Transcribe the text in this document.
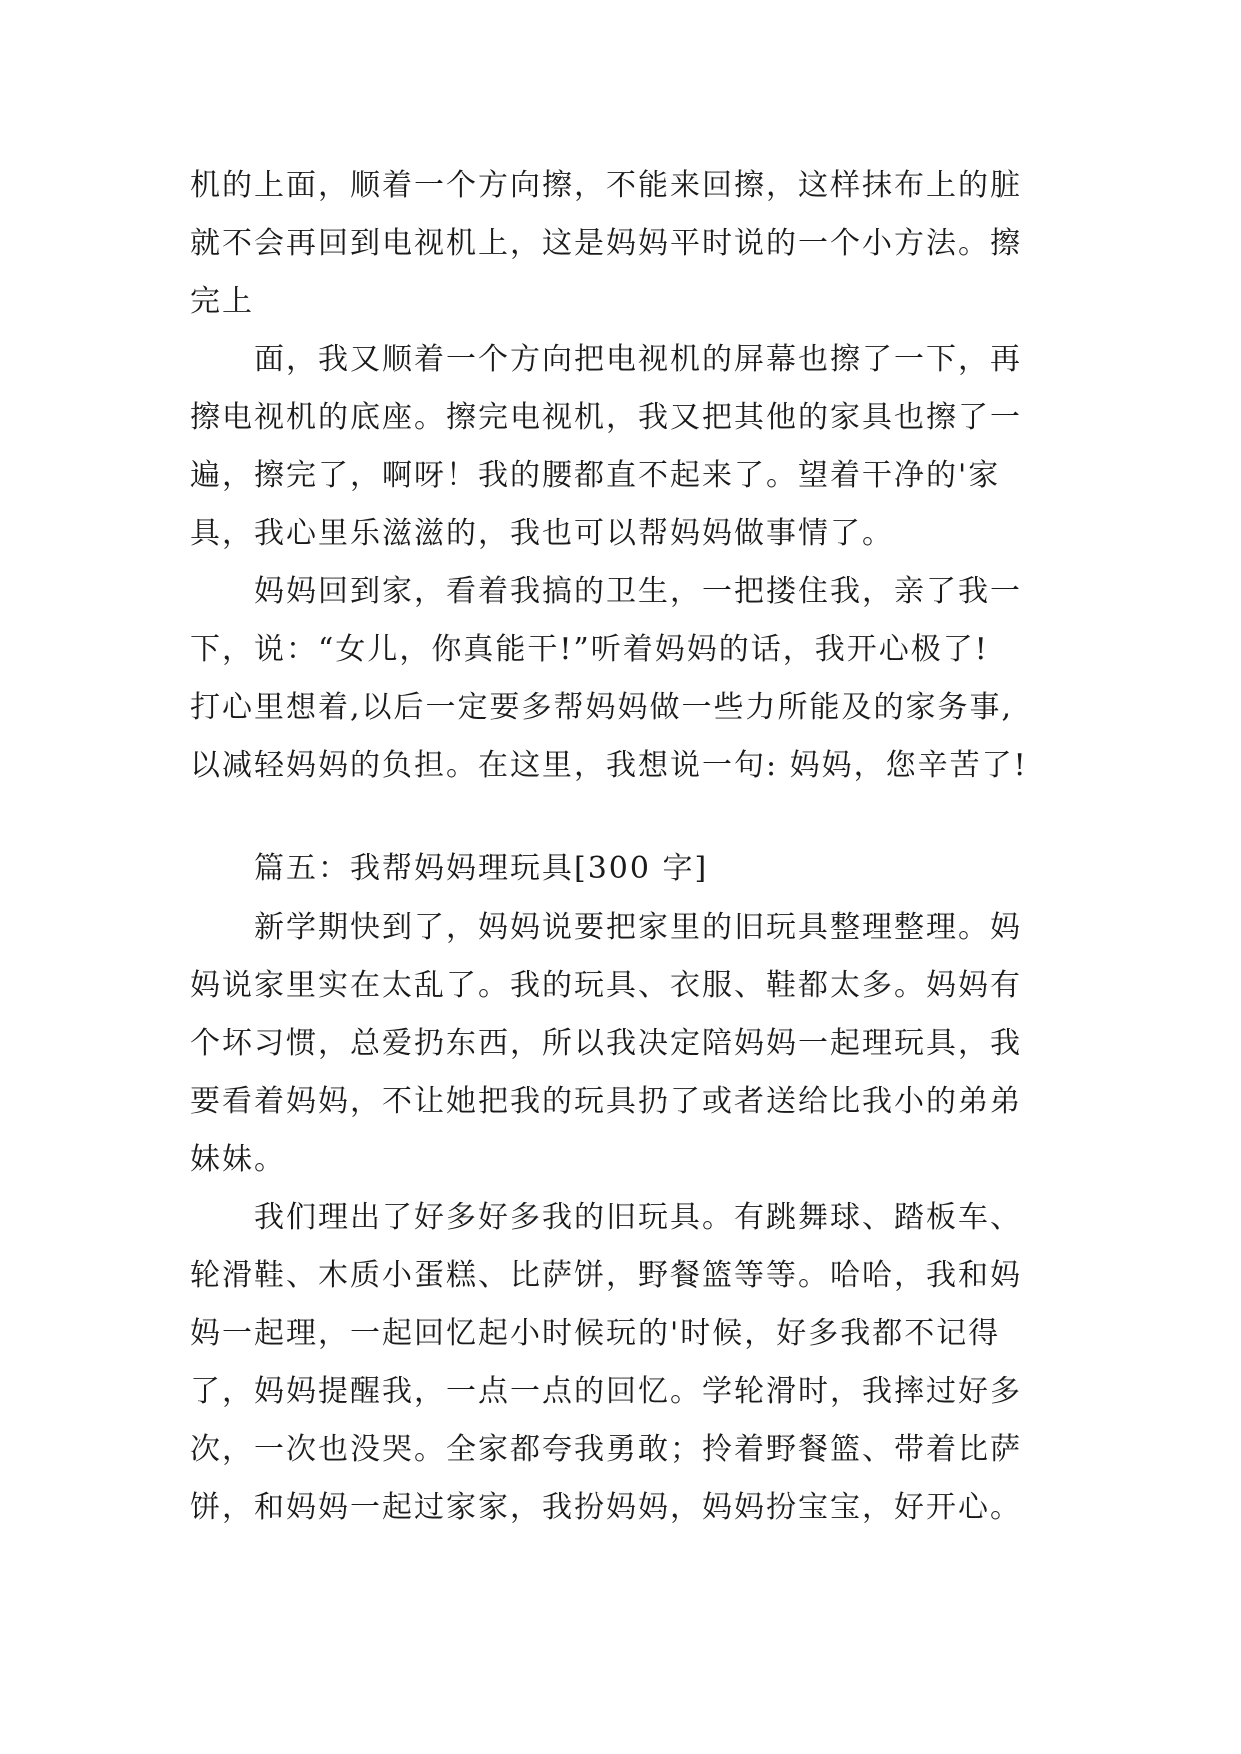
机的上面，顺着一个方向擦，不能来回擦，这样抹布上的脏
就不会再回到电视机上，这是妈妈平时说的一个小方法。擦
完上
面，我又顺着一个方向把电视机的屏幕也擦了一下，再
擦电视机的底座。擦完电视机，我又把其他的家具也擦了一
遍，擦完了，啊呀！我的腰都直不起来了。望着干净的'家
具，我心里乐滋滋的，我也可以帮妈妈做事情了。
妈妈回到家，看着我搞的卫生，一把搂住我，亲了我一
下，说：“女儿，你真能干!”听着妈妈的话，我开心极了!
打心里想着,以后一定要多帮妈妈做一些力所能及的家务事,
以减轻妈妈的负担。在这里，我想说一句: 妈妈，您辛苦了!
篇五：我帮妈妈理玩具[300 字]
新学期快到了，妈妈说要把家里的旧玩具整理整理。妈
妈说家里实在太乱了。我的玩具、衣服、鞋都太多。妈妈有
个坏习惯，总爱扔东西，所以我决定陪妈妈一起理玩具，我
要看着妈妈，不让她把我的玩具扔了或者送给比我小的弟弟
妹妹。
我们理出了好多好多我的旧玩具。有跳舞球、踏板车、
轮滑鞋、木质小蛋糕、比萨饼，野餐篮等等。哈哈，我和妈
妈一起理，一起回忆起小时候玩的'时候，好多我都不记得
了，妈妈提醒我，一点一点的回忆。学轮滑时，我摔过好多
次，一次也没哭。全家都夸我勇敢；拎着野餐篮、带着比萨
饼，和妈妈一起过家家，我扮妈妈，妈妈扮宝宝，好开心。
